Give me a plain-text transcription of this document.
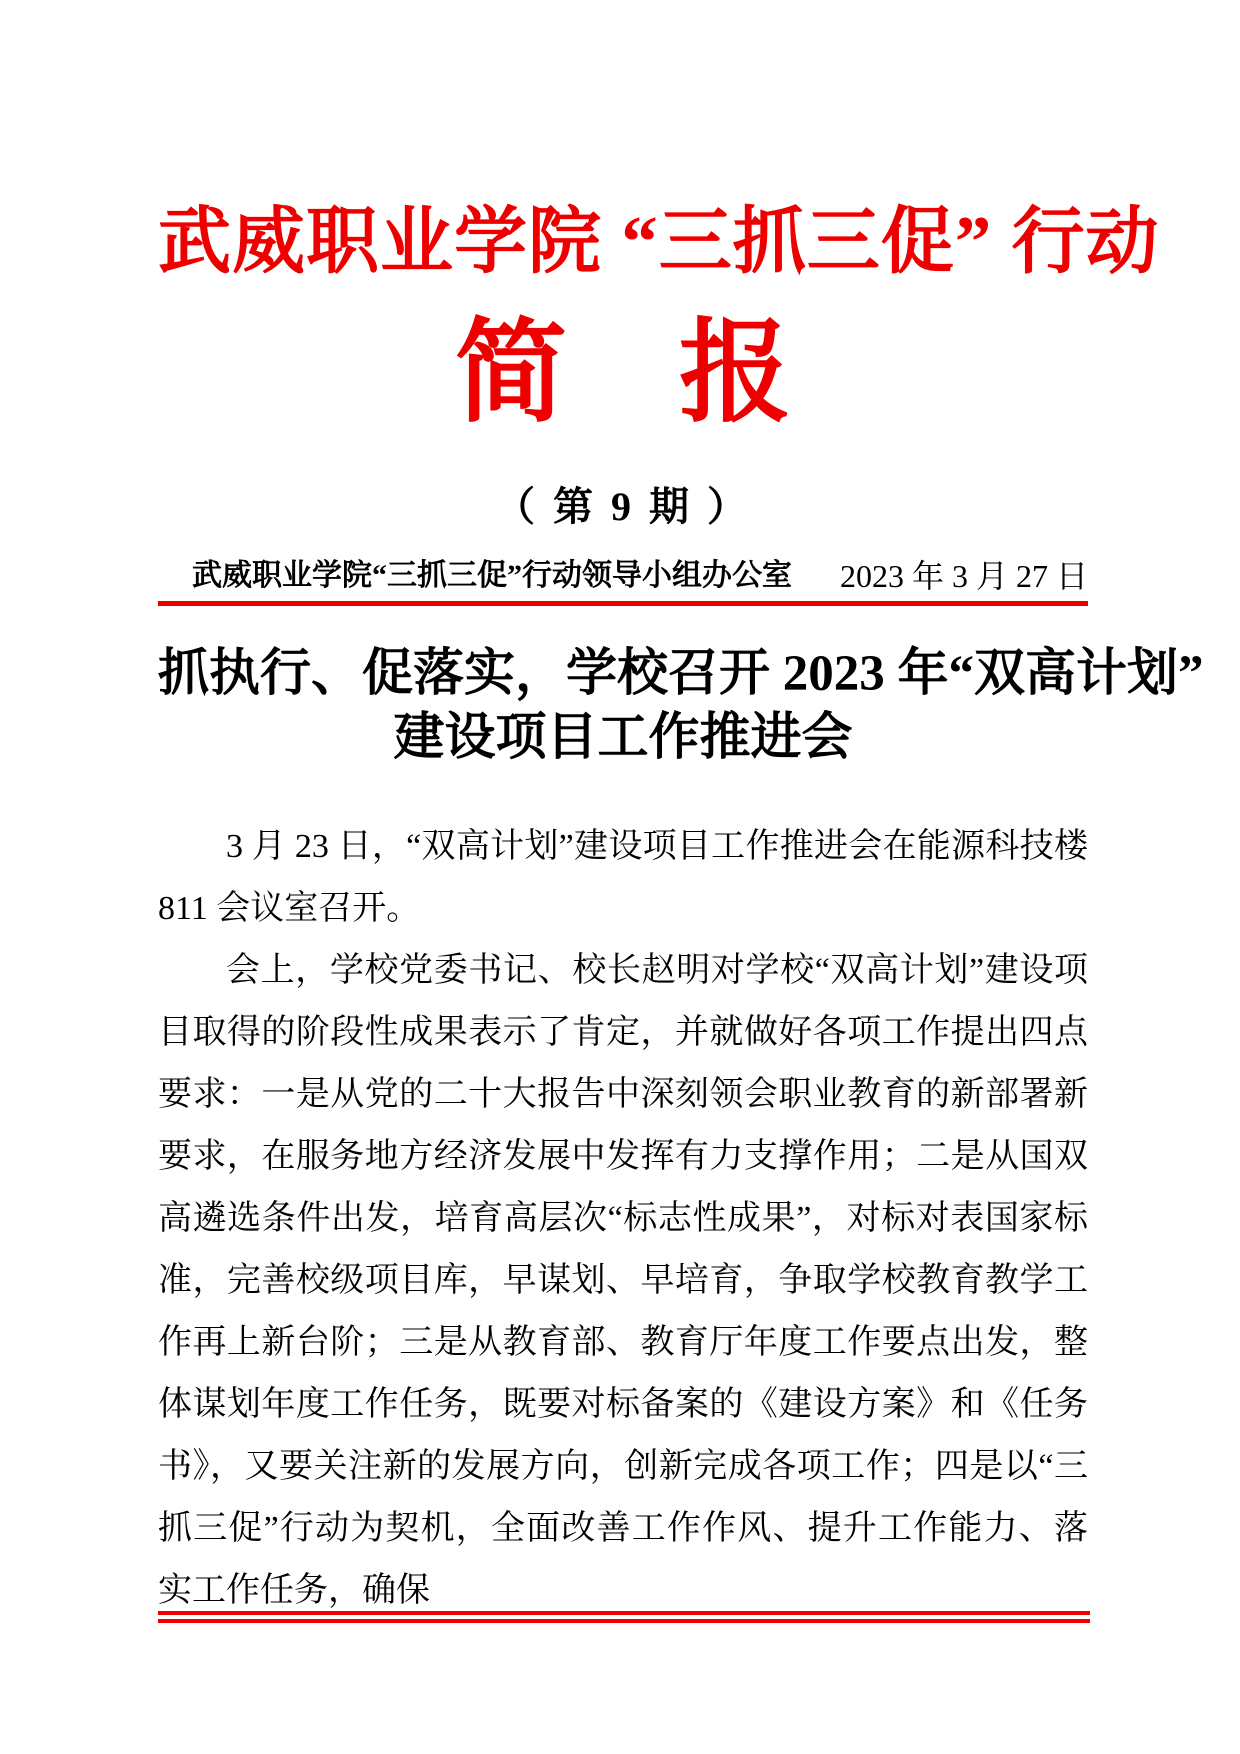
武威职业学院 “三抓三促” 行动
简　报
（ 第 9 期 ）
武威职业学院“三抓三促”行动领导小组办公室 2023 年 3 月 27 日
抓执行、促落实，学校召开 2023 年“双高计划”
建设项目工作推进会

3 月 23 日，“双高计划”建设项目工作推进会在能源科技楼 811 会议室召开。

会上，学校党委书记、校长赵明对学校“双高计划”建设项目取得的阶段性成果表示了肯定，并就做好各项工作提出四点要求：一是从党的二十大报告中深刻领会职业教育的新部署新要求，在服务地方经济发展中发挥有力支撑作用；二是从国双高遴选条件出发，培育高层次“标志性成果”，对标对表国家标准，完善校级项目库，早谋划、早培育，争取学校教育教学工作再上新台阶；三是从教育部、教育厅年度工作要点出发，整体谋划年度工作任务，既要对标备案的《建设方案》和《任务书》，又要关注新的发展方向，创新完成各项工作；四是以“三抓三促”行动为契机，全面改善工作作风、提升工作能力、落实工作任务，确保
